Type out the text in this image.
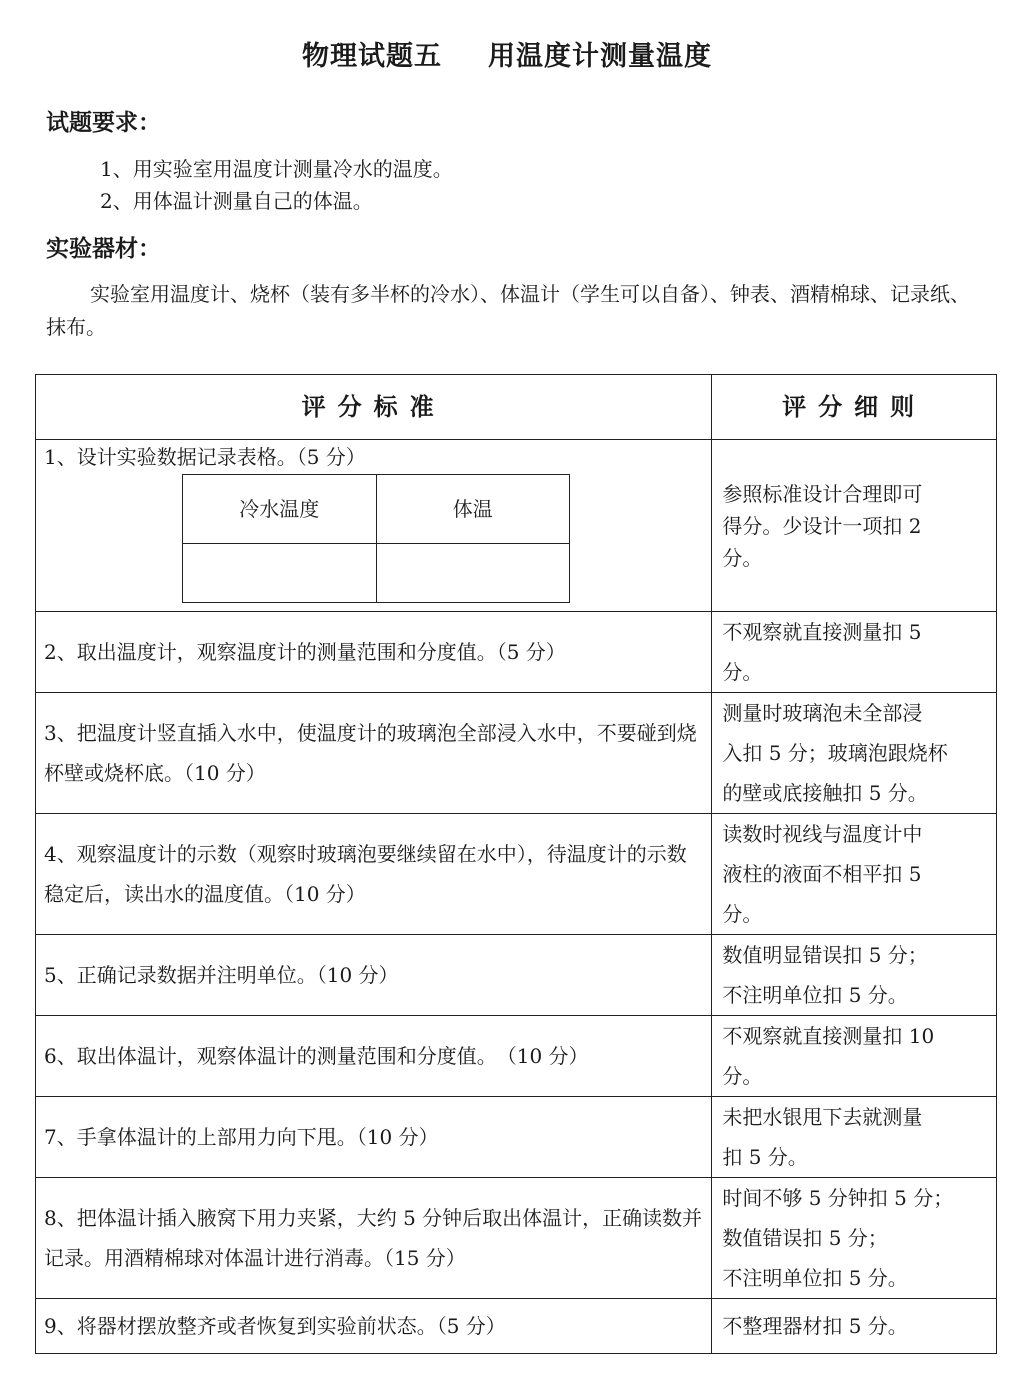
物理试题五 用温度计测量温度
试题要求：
1、用实验室用温度计测量冷水的温度。
2、用体温计测量自己的体温。
实验器材：
实验室用温度计、烧杯（装有多半杯的冷水）、体温计（学生可以自备）、钟表、酒精棉球、记录纸、抹布。
评分标准	评分细则

1、设计实验数据记录表格。（5 分）
冷水温度	体温

参照标准设计合理即可
得分。少设计一项扣 2
分。

2、取出温度计，观察温度计的测量范围和分度值。（5 分）	
不观察就直接测量扣 5
分。

3、把温度计竖直插入水中，使温度计的玻璃泡全部浸入水中，不要碰到烧杯壁或烧杯底。（10 分）	
测量时玻璃泡未全部浸
入扣 5 分；玻璃泡跟烧杯
的壁或底接触扣 5 分。

4、观察温度计的示数（观察时玻璃泡要继续留在水中），待温度计的示数稳定后，读出水的温度值。（10 分）	
读数时视线与温度计中
液柱的液面不相平扣 5
分。

5、正确记录数据并注明单位。（10 分）	
数值明显错误扣 5 分；
不注明单位扣 5 分。

6、取出体温计，观察体温计的测量范围和分度值。　（10 分）	
不观察就直接测量扣 10
分。

7、手拿体温计的上部用力向下甩。（10 分）	
未把水银甩下去就测量
扣 5 分。

8、把体温计插入腋窝下用力夹紧，大约 5 分钟后取出体温计，正确读数并记录。用酒精棉球对体温计进行消毒。（15 分）	
时间不够 5 分钟扣 5 分；
数值错误扣 5 分；
不注明单位扣 5 分。

9、将器材摆放整齐或者恢复到实验前状态。（5 分）	不整理器材扣 5 分。
